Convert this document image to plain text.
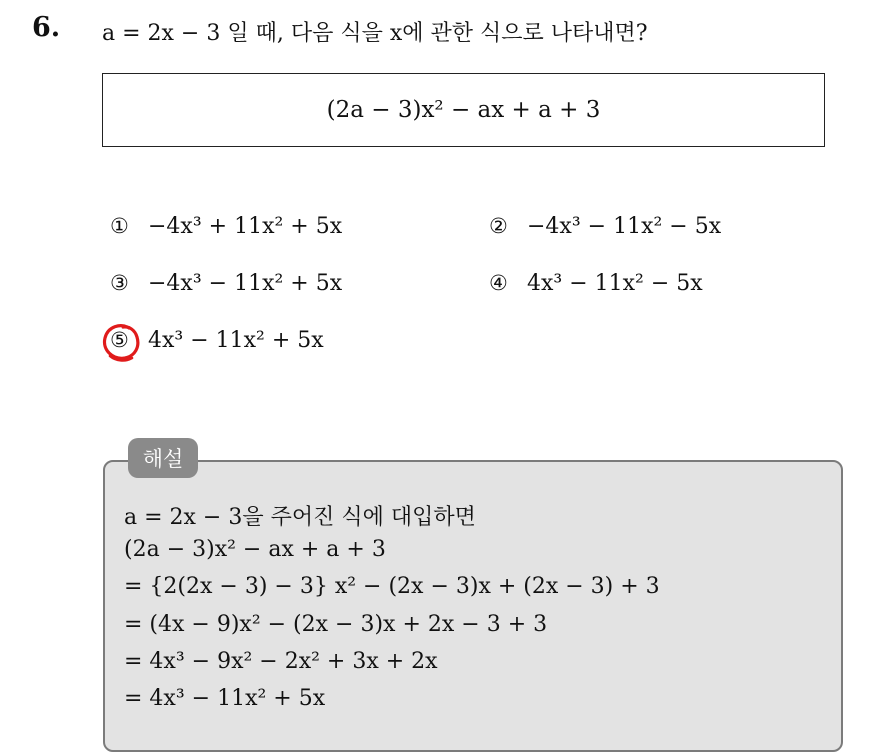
6. a = 2x − 3 일 때, 다음 식을 x에 관한 식으로 나타내면?
(2a − 3)x² − ax + a + 3
① −4x³ + 11x² + 5x	② −4x³ − 11x² − 5x
③ −4x³ − 11x² + 5x	④ 4x³ − 11x² − 5x
⑤ 4x³ − 11x² + 5x
해설
a = 2x − 3을 주어진 식에 대입하면
(2a − 3)x² − ax + a + 3
= {2(2x − 3) − 3} x² − (2x − 3)x + (2x − 3) + 3
= (4x − 9)x² − (2x − 3)x + 2x − 3 + 3
= 4x³ − 9x² − 2x² + 3x + 2x
= 4x³ − 11x² + 5x
